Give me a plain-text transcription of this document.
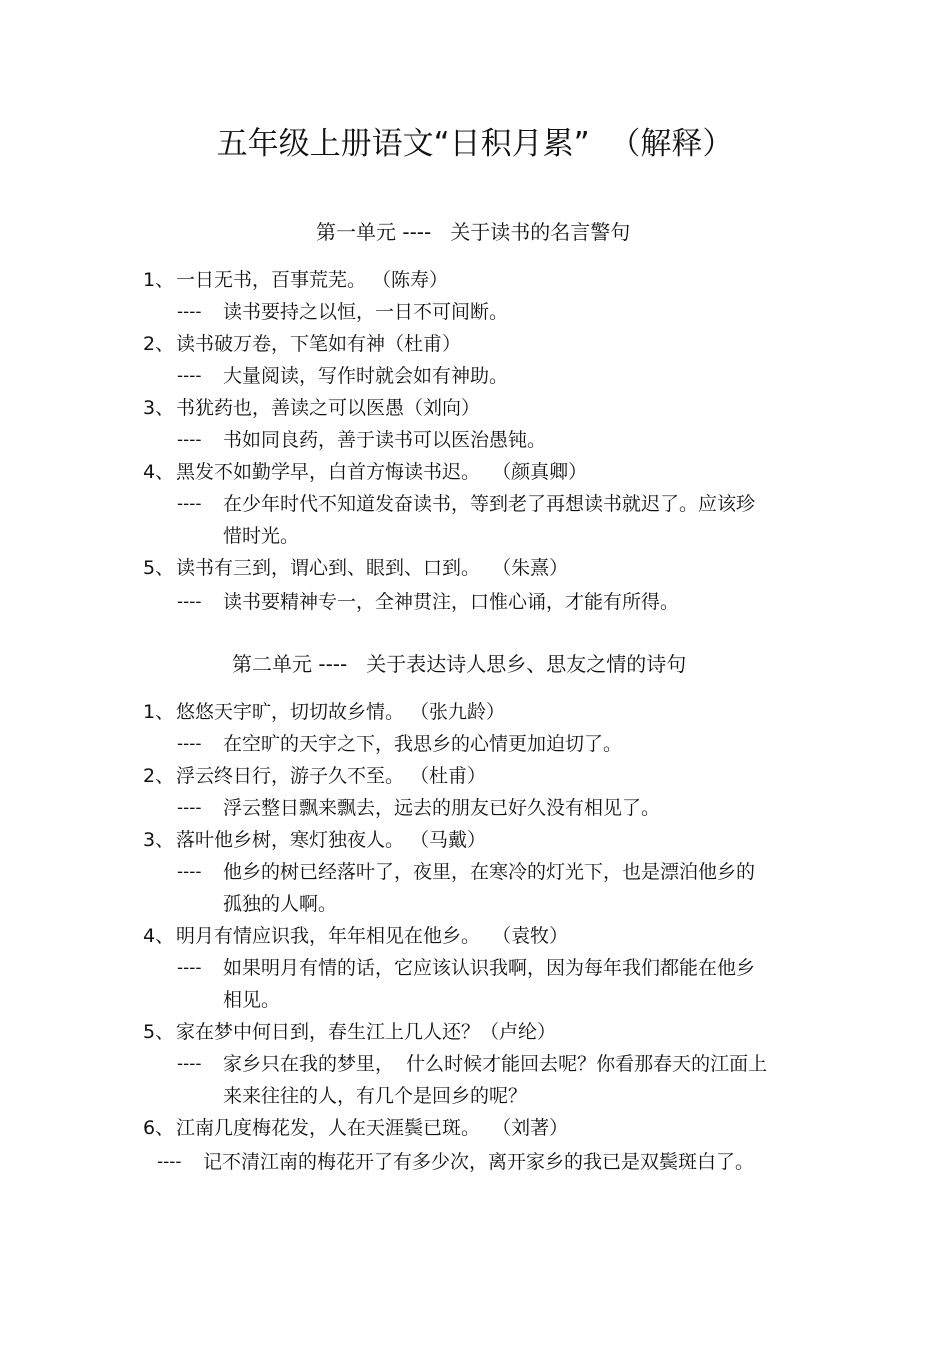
五年级上册语文“日积月累”  （解释）
第一单元 ----   关于读书的名言警句
1、 一日无书，百事荒芜。 （陈寿）
---- 读书要持之以恒，一日不可间断。
2、 读书破万卷，下笔如有神（杜甫）
---- 大量阅读，写作时就会如有神助。
3、 书犹药也，善读之可以医愚（刘向）
---- 书如同良药，善于读书可以医治愚钝。
4、 黑发不如勤学早，白首方悔读书迟。  （颜真卿）
---- 在少年时代不知道发奋读书，等到老了再想读书就迟了。应该珍
惜时光。
5、 读书有三到，谓心到、眼到、口到。  （朱熹）
---- 读书要精神专一，全神贯注，口惟心诵，才能有所得。
第二单元 ----   关于表达诗人思乡、思友之情的诗句
1、 悠悠天宇旷，切切故乡情。 （张九龄）
---- 在空旷的天宇之下，我思乡的心情更加迫切了。
2、 浮云终日行，游子久不至。 （杜甫）
---- 浮云整日飘来飘去，远去的朋友已好久没有相见了。
3、 落叶他乡树，寒灯独夜人。 （马戴）
---- 他乡的树已经落叶了，夜里，在寒冷的灯光下，也是漂泊他乡的
孤独的人啊。
4、 明月有情应识我，年年相见在他乡。  （袁牧）
---- 如果明月有情的话，它应该认识我啊，因为每年我们都能在他乡
相见。
5、 家在梦中何日到，春生江上几人还？（卢纶）
---- 家乡只在我的梦里，  什么时候才能回去呢？你看那春天的江面上
来来往往的人，有几个是回乡的呢？
6、 江南几度梅花发，人在天涯鬓已斑。  （刘著）
---- 记不清江南的梅花开了有多少次，离开家乡的我已是双鬓斑白了。
